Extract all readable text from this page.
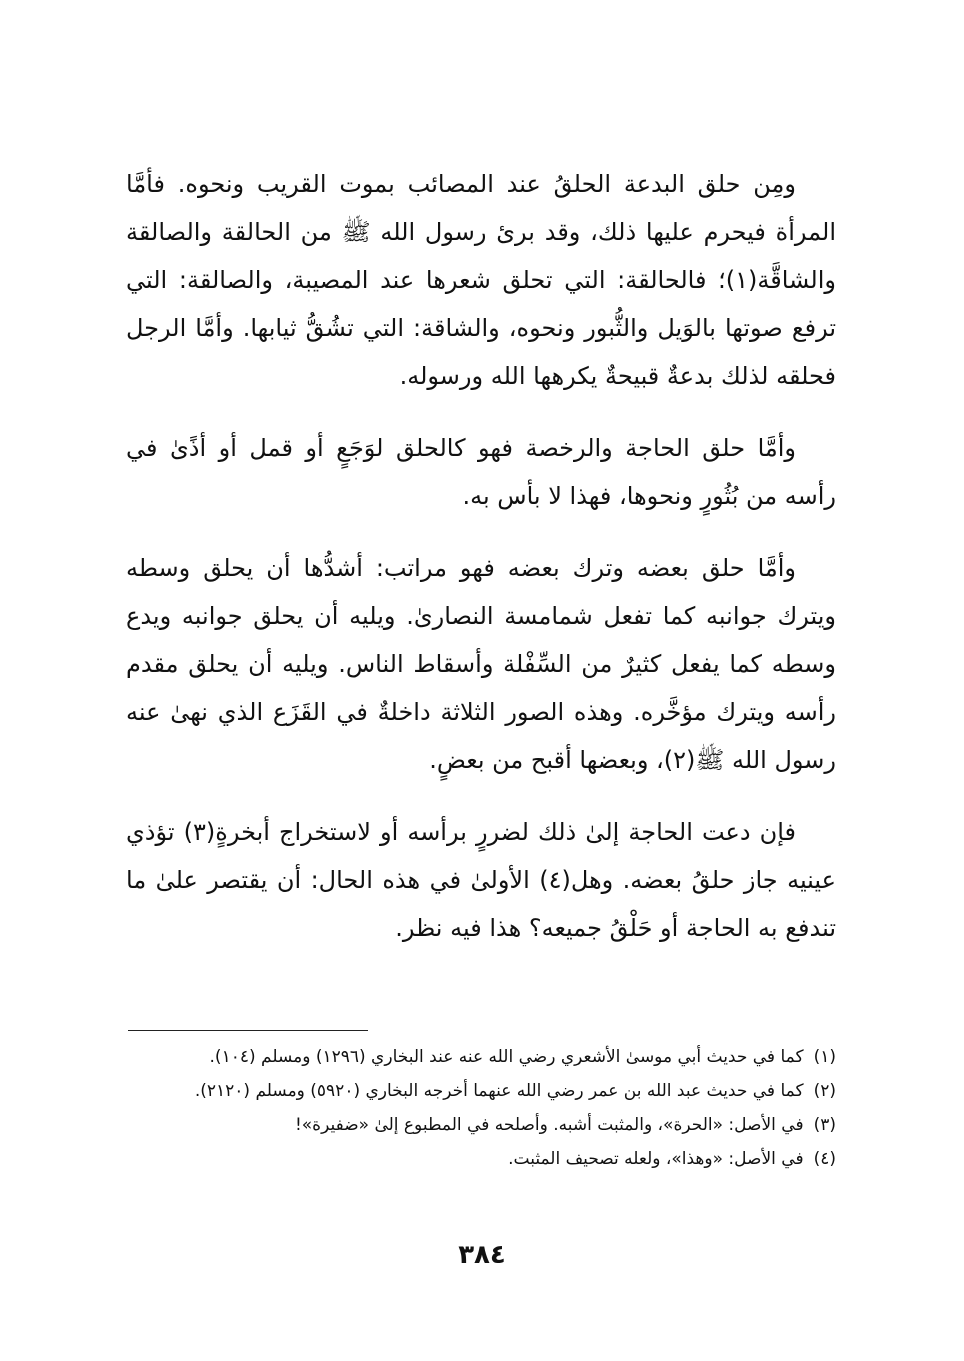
ومِن حلق البدعة الحلقُ عند المصائب بموت القريب ونحوه. فأمَّا المرأة فيحرم عليها ذلك، وقد برئ رسول الله ﷺ من الحالقة والصالقة والشاقَّة(١)؛ فالحالقة: التي تحلق شعرها عند المصيبة، والصالقة: التي ترفع صوتها بالوَيل والثُّبور ونحوه، والشاقة: التي تشُقُّ ثيابها. وأمَّا الرجل فحلقه لذلك بدعةٌ قبيحةٌ يكرهها الله ورسوله.

وأمَّا حلق الحاجة والرخصة فهو كالحلق لوَجَعٍ أو قمل أو أذًىٰ في رأسه من بُثُورٍ ونحوها، فهذا لا بأس به.

وأمَّا حلق بعضه وترك بعضه فهو مراتب: أشدُّها أن يحلق وسطه ويترك جوانبه كما تفعل شمامسة النصارىٰ. ويليه أن يحلق جوانبه ويدع وسطه كما يفعل كثيرٌ من السِّفْلة وأسقاط الناس. ويليه أن يحلق مقدم رأسه ويترك مؤخَّره. وهذه الصور الثلاثة داخلةٌ في القَزَع الذي نهىٰ عنه رسول الله ﷺ(٢)، وبعضها أقبح من بعضٍ.

فإن دعت الحاجة إلىٰ ذلك لضررٍ برأسه أو لاستخراج أبخرةٍ(٣) تؤذي عينيه جاز حلقُ بعضه. وهل(٤) الأولىٰ في هذه الحال: أن يقتصر علىٰ ما تندفع به الحاجة أو حَلْقُ جميعه؟ هذا فيه نظر.

(١)كما في حديث أبي موسىٰ الأشعري رضي الله عنه عند البخاري (١٢٩٦) ومسلم (١٠٤).

(٢)كما في حديث عبد الله بن عمر رضي الله عنهما أخرجه البخاري (٥٩٢٠) ومسلم (٢١٢٠).

(٣)في الأصل: «الحرة»، والمثبت أشبه. وأصلحه في المطبوع إلىٰ «ضفيرة»!

(٤)في الأصل: «وهذا»، ولعله تصحيف المثبت.

٣٨٤
